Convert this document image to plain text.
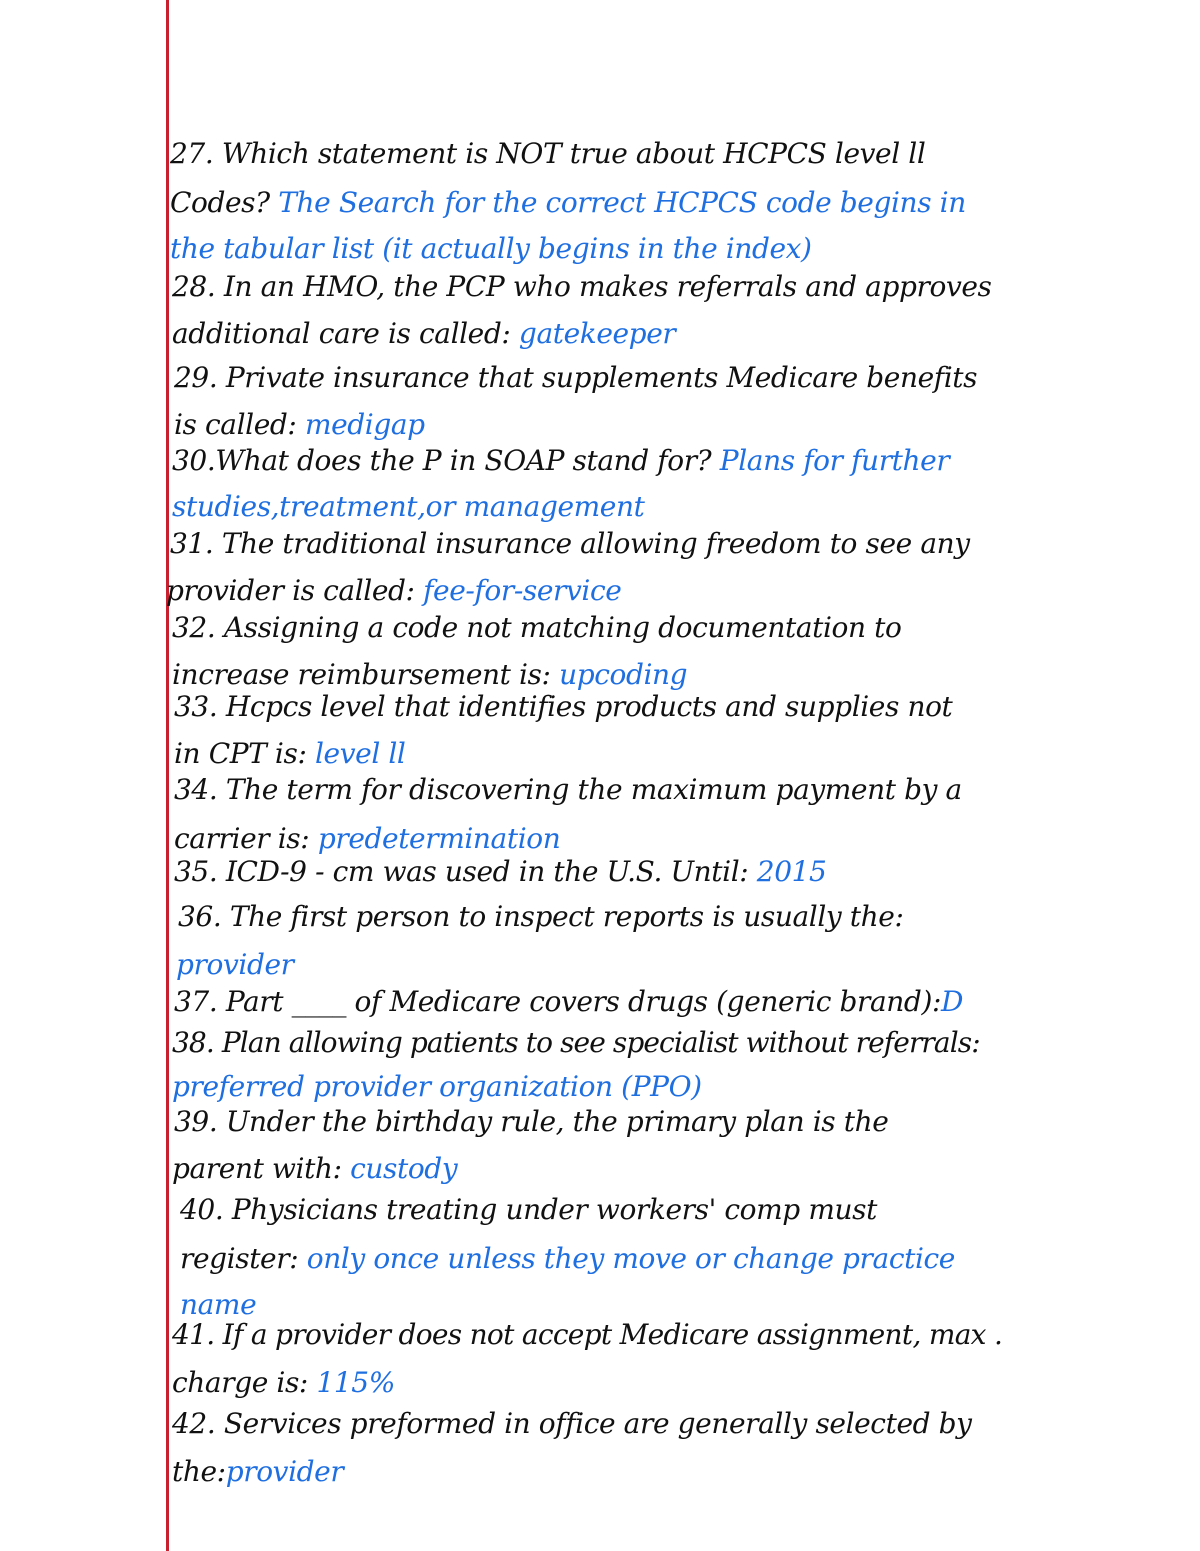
27. Which statement is NOT true about HCPCS level ll
Codes? The Search for the correct HCPCS code begins in
the tabular list (it actually begins in the index)
28. In an HMO, the PCP who makes referrals and approves
additional care is called: gatekeeper
29. Private insurance that supplements Medicare benefits
is called: medigap
30.What does the P in SOAP stand for? Plans for further
studies,treatment,or management
31. The traditional insurance allowing freedom to see any
provider is called: fee-for-service
32. Assigning a code not matching documentation to
increase reimbursement is: upcoding
33. Hcpcs level that identifies products and supplies not
in CPT is: level ll
34. The term for discovering the maximum payment by a
carrier is: predetermination
35. ICD-9 - cm was used in the U.S. Until: 2015
36. The first person to inspect reports is usually the:
provider
37. Part ____ of Medicare covers drugs (generic brand):D
38. Plan allowing patients to see specialist without referrals:
preferred provider organization (PPO)
39. Under the birthday rule, the primary plan is the
parent with: custody
40. Physicians treating under workers' comp must
register: only once unless they move or change practice
name
41. If a provider does not accept Medicare assignment, max .
charge is: 115%
42. Services preformed in office are generally selected by
the:provider
